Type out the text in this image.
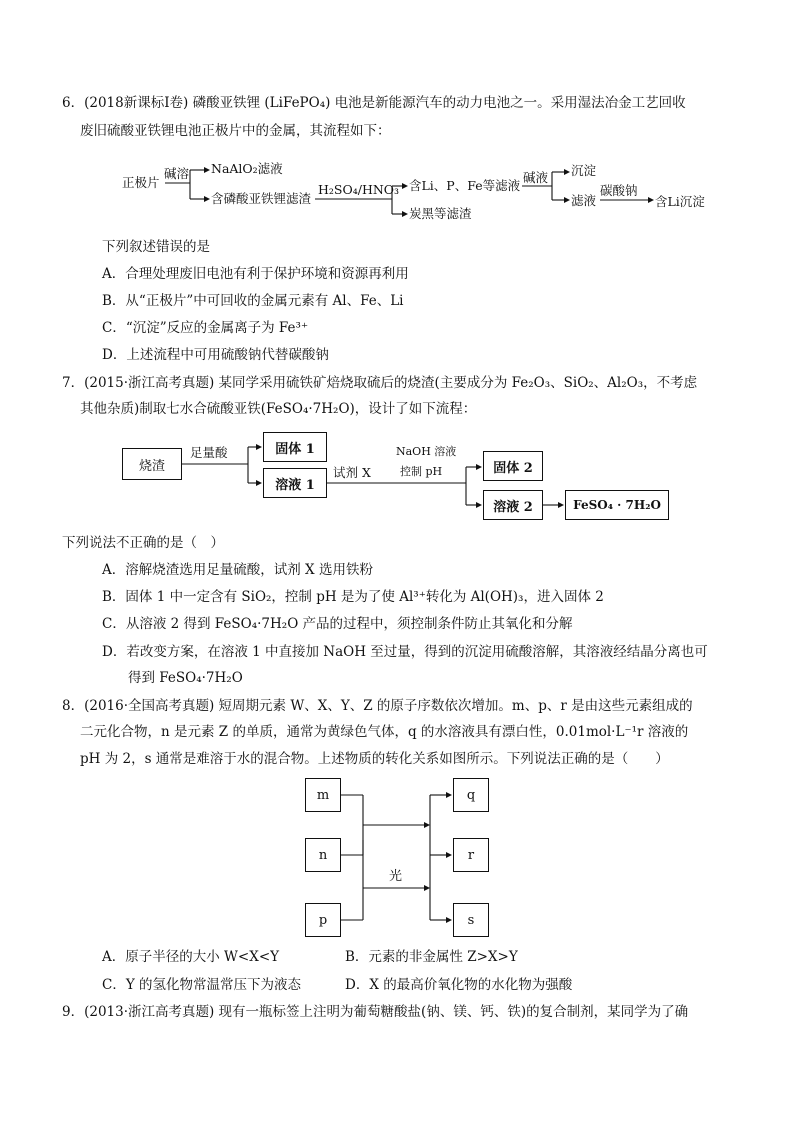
6．(2018新课标Ⅰ卷) 磷酸亚铁锂 (LiFePO₄) 电池是新能源汽车的动力电池之一。采用湿法冶金工艺回收
废旧硫酸亚铁锂电池正极片中的金属，其流程如下：
正极片
碱溶 NaAlO₂滤液
含磷酸亚铁锂滤渣
H₂SO₄/HNO₃ 含Li、P、Fe等滤液
炭黑等滤渣
碱液 沉淀
滤液
碳酸钠
含Li沉淀
下列叙述错误的是
A．合理处理废旧电池有利于保护环境和资源再利用
B．从“正极片”中可回收的金属元素有 Al、Fe、Li
C．“沉淀”反应的金属离子为 Fe³⁺
D．上述流程中可用硫酸钠代替碳酸钠
7．(2015·浙江高考真题) 某同学采用硫铁矿焙烧取硫后的烧渣(主要成分为 Fe₂O₃、SiO₂、Al₂O₃，不考虑
其他杂质)制取七水合硫酸亚铁(FeSO₄·7H₂O)，设计了如下流程：
烧渣
足量酸	固体 1
溶液 1
试剂 X
NaOH 溶液
控制 pH	固体 2
溶液 2	FeSO₄ · 7H₂O
下列说法不正确的是（　）
A．溶解烧渣选用足量硫酸，试剂 X 选用铁粉
B．固体 1 中一定含有 SiO₂，控制 pH 是为了使 Al³⁺转化为 Al(OH)₃，进入固体 2
C．从溶液 2 得到 FeSO₄·7H₂O 产品的过程中，须控制条件防止其氧化和分解
D．若改变方案，在溶液 1 中直接加 NaOH 至过量，得到的沉淀用硫酸溶解，其溶液经结晶分离也可
得到 FeSO₄·7H₂O
8．(2016·全国高考真题) 短周期元素 W、X、Y、Z 的原子序数依次增加。m、p、r 是由这些元素组成的
二元化合物，n 是元素 Z 的单质，通常为黄绿色气体，q 的水溶液具有漂白性，0.01mol·L⁻¹r 溶液的
pH 为 2，s 通常是难溶于水的混合物。上述物质的转化关系如图所示。下列说法正确的是（　　）
m
n
p
q
r
s
光
A．原子半径的大小 W<X<Y	B．元素的非金属性 Z>X>Y
C．Y 的氢化物常温常压下为液态	D．X 的最高价氧化物的水化物为强酸
9．(2013·浙江高考真题) 现有一瓶标签上注明为葡萄糖酸盐(钠、镁、钙、铁)的复合制剂，某同学为了确
